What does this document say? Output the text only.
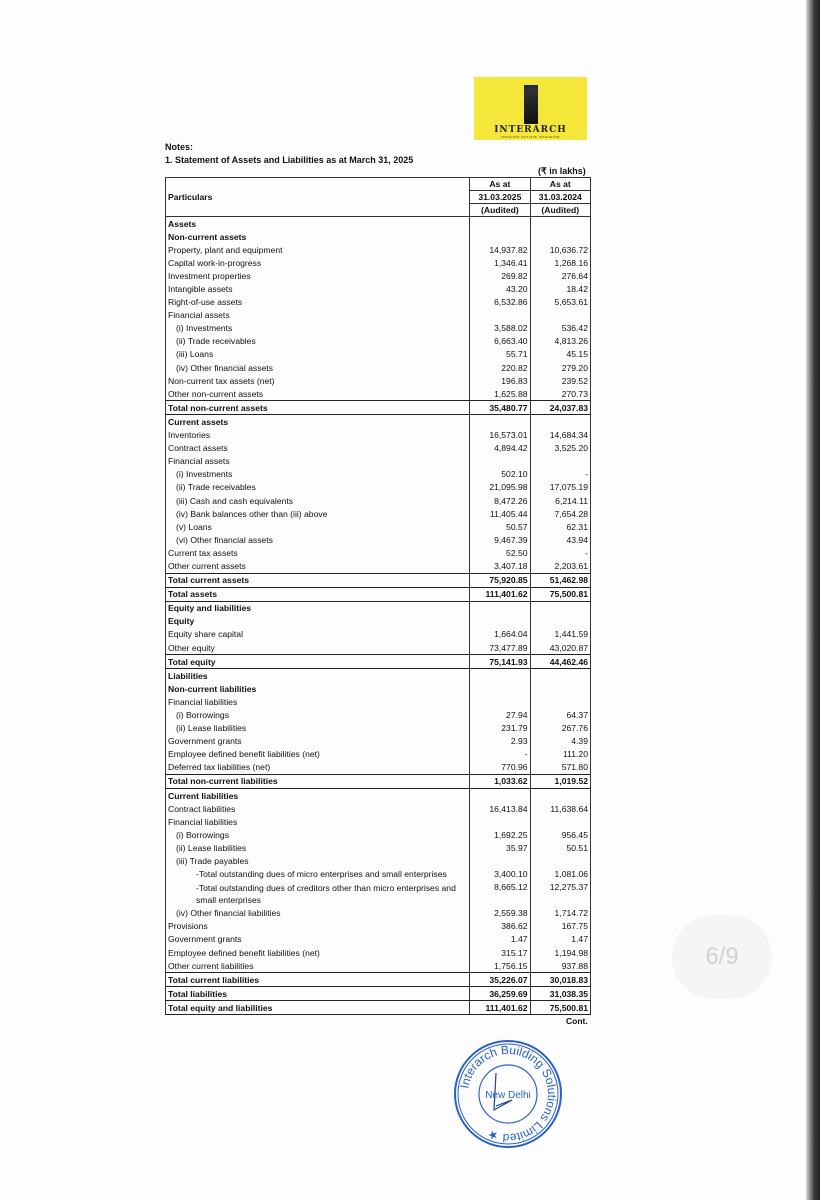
INTERARCH
INNOVATE INITIATE INTEGRATE
Notes:
1. Statement of Assets and Liabilities as at March 31, 2025
(₹ in lakhs)
Particulars	As at	As at
	31.03.2025	31.03.2024
	(Audited)	(Audited)
Assets		
Non-current assets		
Property, plant and equipment	14,937.82	10,636.72
Capital work-in-progress	1,346.41	1,268.16
Investment properties	269.82	276.64
Intangible assets	43.20	18.42
Right-of-use assets	6,532.86	5,653.61
Financial assets		
(i) Investments	3,588.02	536.42
(ii) Trade receivables	6,663.40	4,813.26
(iii) Loans	55.71	45.15
(iv) Other financial assets	220.82	279.20
Non-current tax assets (net)	196.83	239.52
Other non-current assets	1,625.88	270.73
Total non-current assets	35,480.77	24,037.83
Current assets		
Inventories	16,573.01	14,684.34
Contract assets	4,894.42	3,525.20
Financial assets		
(i) Investments	502.10	-
(ii) Trade receivables	21,095.98	17,075.19
(iii) Cash and cash equivalents	8,472.26	6,214.11
(iv) Bank balances other than (iii) above	11,405.44	7,654.28
(v) Loans	50.57	62.31
(vi) Other financial assets	9,467.39	43.94
Current tax assets	52.50	-
Other current assets	3,407.18	2,203.61
Total current assets	75,920.85	51,462.98
Total assets	111,401.62	75,500.81
Equity and liabilities		
Equity		
Equity share capital	1,664.04	1,441.59
Other equity	73,477.89	43,020.87
Total equity	75,141.93	44,462.46
Liabilities		
Non-current liabilities		
Financial liabilities		
(i) Borrowings	27.94	64.37
(ii) Lease liabilities	231.79	267.76
Government grants	2.93	4.39
Employee defined benefit liabilities (net)	-	111.20
Deferred tax liabilities (net)	770.96	571.80
Total non-current liabilities	1,033.62	1,019.52
Current liabilities		
Contract liabilities	16,413.84	11,638.64
Financial liabilities		
(i) Borrowings	1,692.25	956.45
(ii) Lease liabilities	35.97	50.51
(iii) Trade payables		
-Total outstanding dues of micro enterprises and small enterprises	3,400.10	1,081.06
-Total outstanding dues of creditors other than micro enterprises and small enterprises	8,665.12	12,275.37
(iv) Other financial liabilities	2,559.38	1,714.72
Provisions	386.62	167.75
Government grants	1.47	1.47
Employee defined benefit liabilities (net)	315.17	1,194.98
Other current liabilities	1,756.15	937.88
Total current liabilities	35,226.07	30,018.83
Total liabilities	36,259.69	31,038.35
Total equity and liabilities	111,401.62	75,500.81
Cont.
Interarch Building Solutions Limited ★
New Delhi
6/9
